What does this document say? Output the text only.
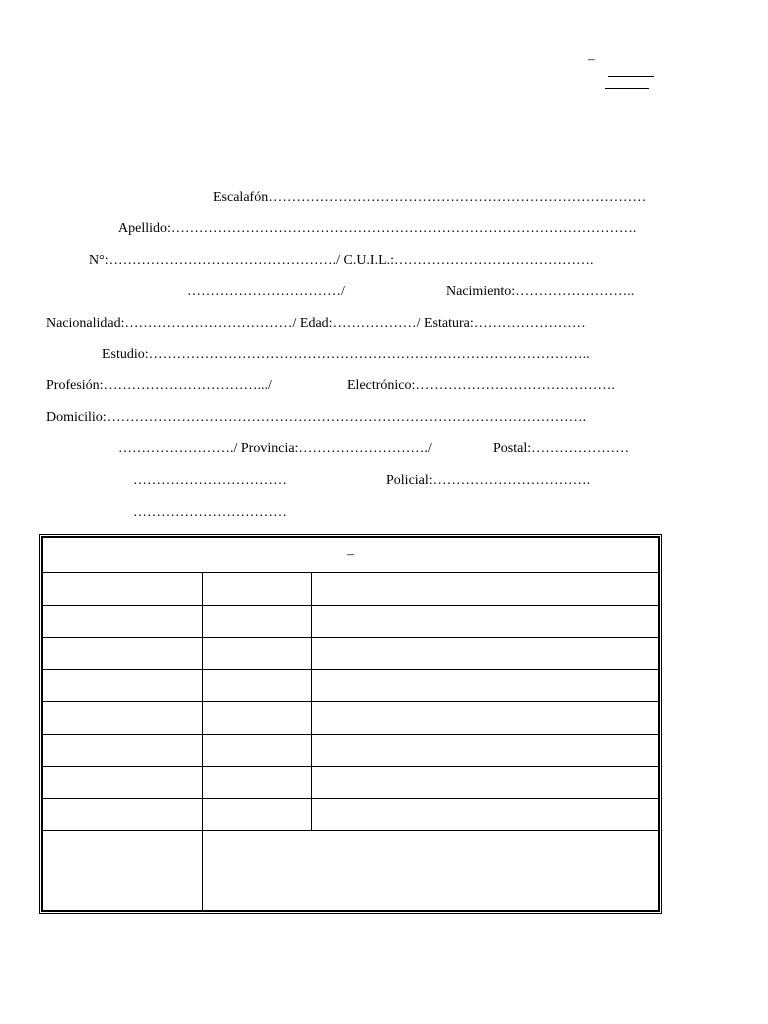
–
Escalafón………………………………………………………………………
Apellido:……………………………………………………………………………………….
N°:…………………………………………./ C.U.I.L.:…………………………………….
……………………………/	Nacimiento:……………………..
Nacionalidad:………………………………/ Edad:………………/ Estatura:……………………
Estudio:…………………………………………………………………………………..
Profesión:…………………………….../	Electrónico:…………………………………….
Domicilio:………………………………………………………………………………………….
……………………./ Provincia:………………………./	Postal:…………………
……………………………	Policial:…………………………….
……………………………
–		
